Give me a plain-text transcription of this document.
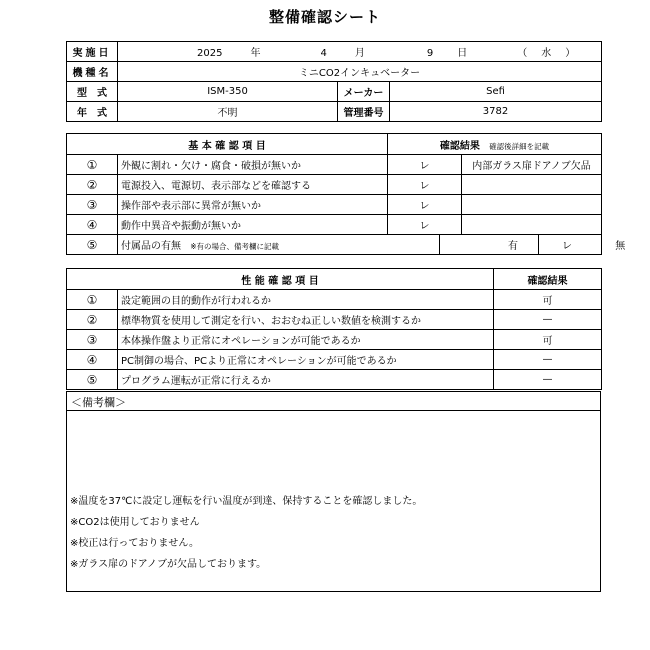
整備確認シート
実施日	2025 年 4 月 9 日 （ 水 ）		
機種名	ミニCO2インキュベーター		
型　式	ISM-350	メーカー	Sefi
年　式	不明	管理番号	3782
基 本 確 認 項 目		確認結果 確認後詳細を記載			
①	外観に割れ・欠け・腐食・破損が無いか	レ		内部ガラス扉ドアノブ欠品	
②	電源投入、電源切、表示部などを確認する	レ			
③	操作部や表示部に異常が無いか	レ			
④	動作中異音や振動が無いか	レ			
⑤	付属品の有無 ※有の場合、備考欄に記載		有		レ 無
性 能 確 認 項 目		確認結果
①	設定範囲の目的動作が行われるか	可
②	標準物質を使用して測定を行い、おおむね正しい数値を検測するか	—
③	本体操作盤より正常にオペレーションが可能であるか	可
④	PC制御の場合、PCより正常にオペレーションが可能であるか	—
⑤	プログラム運転が正常に行えるか	—
＜備考欄＞
※温度を37℃に設定し運転を行い温度が到達、保持することを確認しました。
※CO2は使用しておりません
※校正は行っておりません。
※ガラス扉のドアノブが欠品しております。
